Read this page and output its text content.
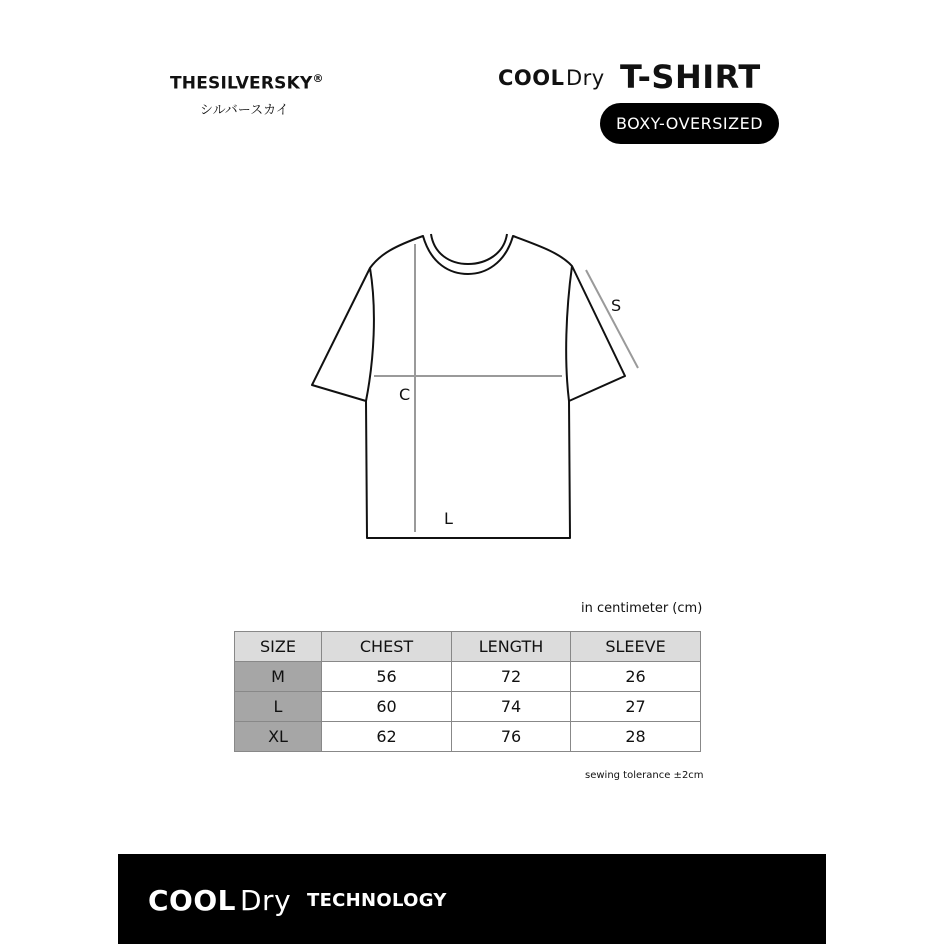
THESILVERSKY®
シルバースカイ
COOL Dry T-SHIRT
BOXY-OVERSIZED
S
C
L
in centimeter (cm)
SIZE	CHEST	LENGTH	SLEEVE
M	56	72	26
L	60	74	27
XL	62	76	28
sewing tolerance ±2cm
COOL Dry TECHNOLOGY
